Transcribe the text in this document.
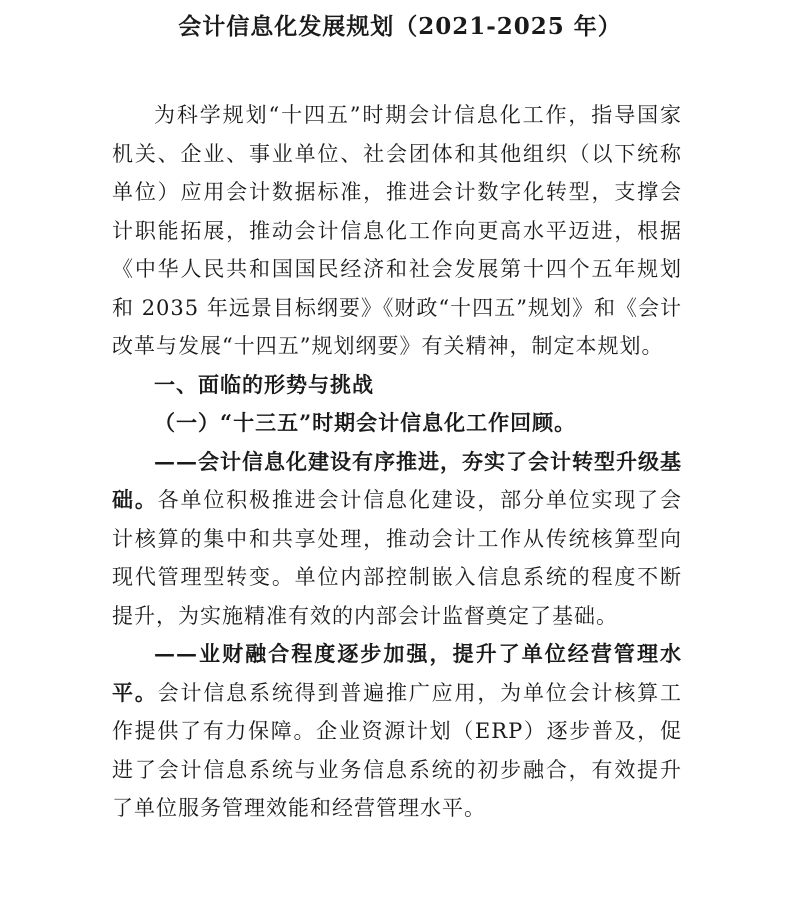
会计信息化发展规划（2021-2025 年）

为科学规划“十四五”时期会计信息化工作，指导国家机关、企业、事业单位、社会团体和其他组织（以下统称单位）应用会计数据标准，推进会计数字化转型，支撑会计职能拓展，推动会计信息化工作向更高水平迈进，根据《中华人民共和国国民经济和社会发展第十四个五年规划和 2035 年远景目标纲要》《财政“十四五”规划》和《会计改革与发展“十四五”规划纲要》有关精神，制定本规划。

一、面临的形势与挑战

（一）“十三五”时期会计信息化工作回顾。

——会计信息化建设有序推进，夯实了会计转型升级基础。各单位积极推进会计信息化建设，部分单位实现了会计核算的集中和共享处理，推动会计工作从传统核算型向现代管理型转变。单位内部控制嵌入信息系统的程度不断提升，为实施精准有效的内部会计监督奠定了基础。

——业财融合程度逐步加强，提升了单位经营管理水平。会计信息系统得到普遍推广应用，为单位会计核算工作提供了有力保障。企业资源计划（ERP）逐步普及，促进了会计信息系统与业务信息系统的初步融合，有效提升了单位服务管理效能和经营管理水平。
